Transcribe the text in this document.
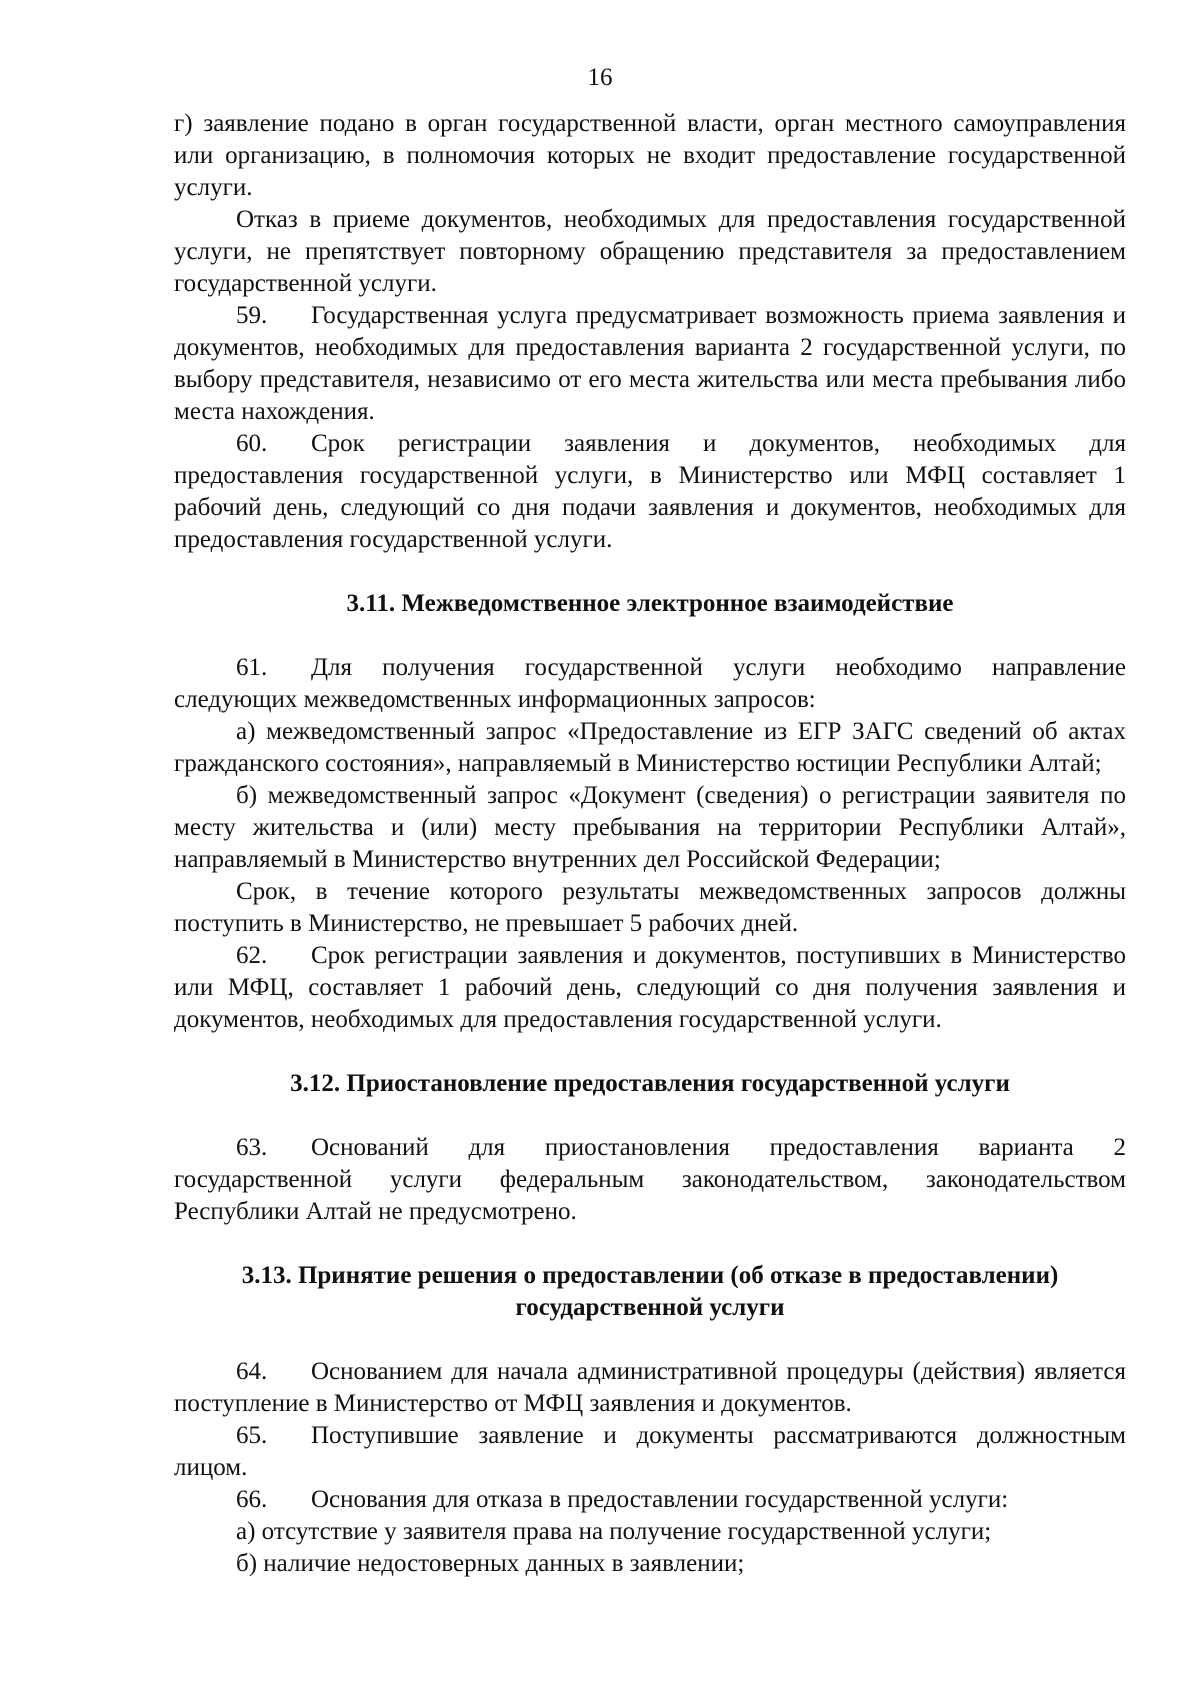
16

г) заявление подано в орган государственной власти, орган местного самоуправления или организацию, в полномочия которых не входит предоставление государственной услуги.

Отказ в приеме документов, необходимых для предоставления государственной услуги, не препятствует повторному обращению представителя за предоставлением государственной услуги.

59. Государственная услуга предусматривает возможность приема заявления и документов, необходимых для предоставления варианта 2 государственной услуги, по выбору представителя, независимо от его места жительства или места пребывания либо места нахождения.

60. Срок регистрации заявления и документов, необходимых для предоставления государственной услуги, в Министерство или МФЦ составляет 1 рабочий день, следующий со дня подачи заявления и документов, необходимых для предоставления государственной услуги.

3.11. Межведомственное электронное взаимодействие

61. Для получения государственной услуги необходимо направление следующих межведомственных информационных запросов:

а) межведомственный запрос «Предоставление из ЕГР ЗАГС сведений об актах гражданского состояния», направляемый в Министерство юстиции Республики Алтай;

б) межведомственный запрос «Документ (сведения) о регистрации заявителя по месту жительства и (или) месту пребывания на территории Республики Алтай», направляемый в Министерство внутренних дел Российской Федерации;

Срок, в течение которого результаты межведомственных запросов должны поступить в Министерство, не превышает 5 рабочих дней.

62. Срок регистрации заявления и документов, поступивших в Министерство или МФЦ, составляет 1 рабочий день, следующий со дня получения заявления и документов, необходимых для предоставления государственной услуги.

3.12. Приостановление предоставления государственной услуги

63. Оснований для приостановления предоставления варианта 2 государственной услуги федеральным законодательством, законодательством Республики Алтай не предусмотрено.

3.13. Принятие решения о предоставлении (об отказе в предоставлении)
государственной услуги

64. Основанием для начала административной процедуры (действия) является поступление в Министерство от МФЦ заявления и документов.

65. Поступившие заявление и документы рассматриваются должностным лицом.

66. Основания для отказа в предоставлении государственной услуги:

а) отсутствие у заявителя права на получение государственной услуги;

б) наличие недостоверных данных в заявлении;
